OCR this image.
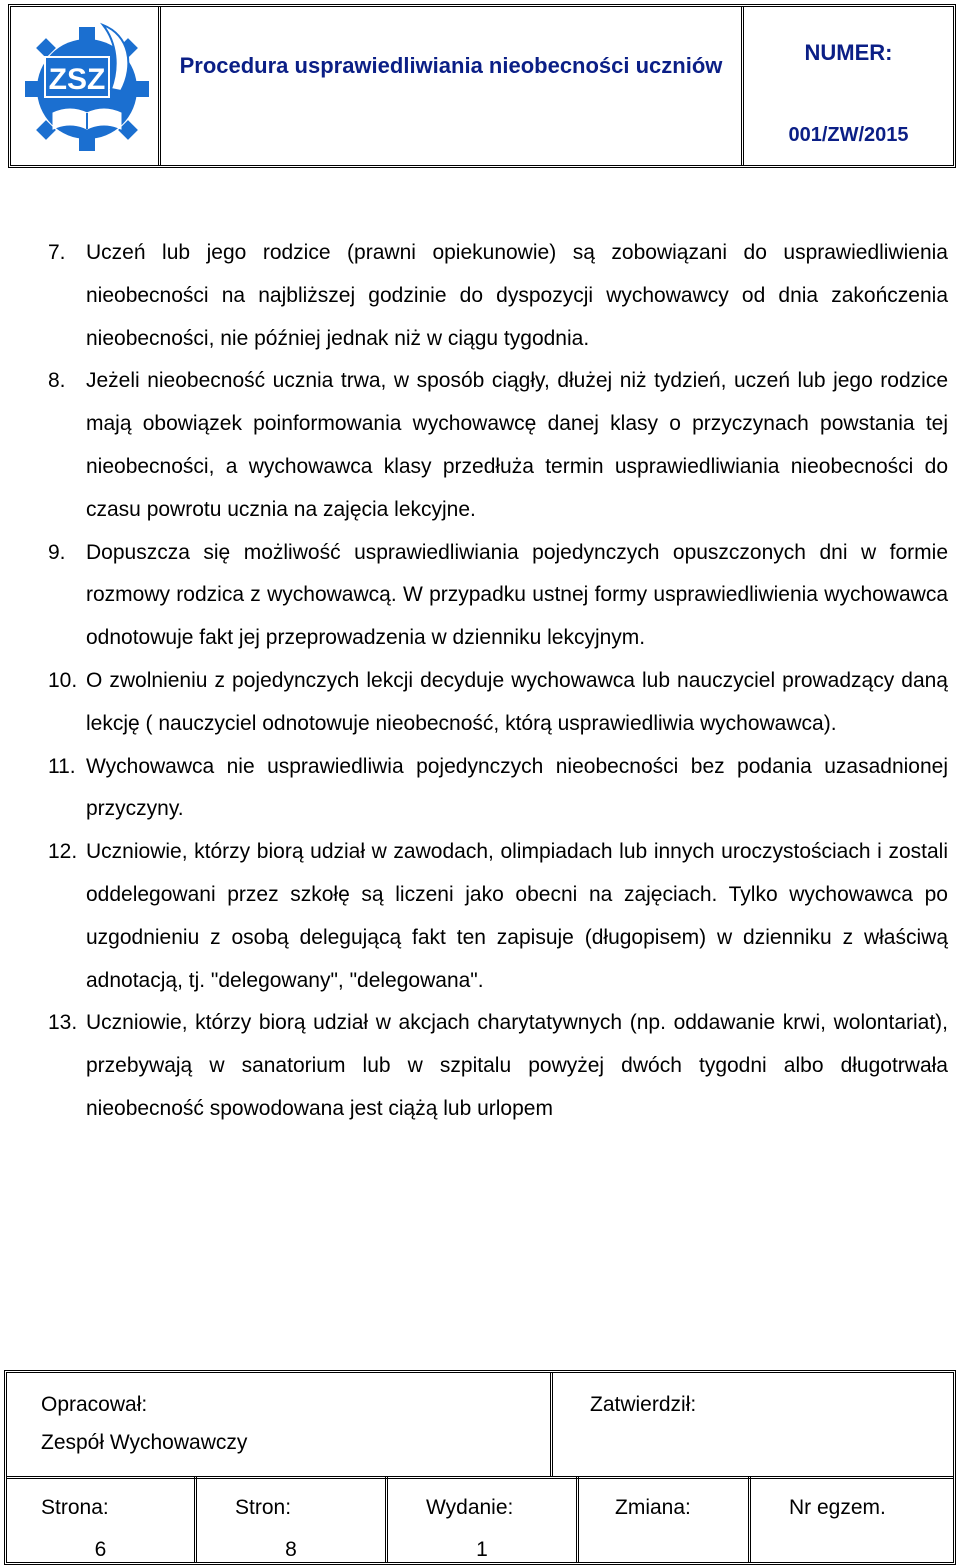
ZSZ	Procedura usprawiedliwiania nieobecności uczniów
NUMER:
001/ZW/2015
7. Uczeń lub jego rodzice (prawni opiekunowie) są zobowiązani do usprawiedliwienia nieobecności na najbliższej godzinie do dyspozycji wychowawcy od dnia zakończenia nieobecności, nie później jednak niż w ciągu tygodnia.
8. Jeżeli nieobecność ucznia trwa, w sposób ciągły, dłużej niż tydzień, uczeń lub jego rodzice mają obowiązek poinformowania wychowawcę danej klasy o przyczynach powstania tej nieobecności, a wychowawca klasy przedłuża termin usprawiedliwiania nieobecności do czasu powrotu ucznia na zajęcia lekcyjne.
9. Dopuszcza się możliwość usprawiedliwiania pojedynczych opuszczonych dni w formie rozmowy rodzica z wychowawcą. W przypadku ustnej formy usprawiedliwienia wychowawca odnotowuje fakt jej przeprowadzenia w dzienniku lekcyjnym.
10. O zwolnieniu z pojedynczych lekcji decyduje wychowawca lub nauczyciel prowadzący daną lekcję ( nauczyciel odnotowuje nieobecność, którą usprawiedliwia wychowawca).
11. Wychowawca nie usprawiedliwia pojedynczych nieobecności bez podania uzasadnionej przyczyny.
12. Uczniowie, którzy biorą udział w zawodach, olimpiadach lub innych uroczystościach i zostali oddelegowani przez szkołę są liczeni jako obecni na zajęciach. Tylko wychowawca po uzgodnieniu z osobą delegującą fakt ten zapisuje (długopisem) w dzienniku z właściwą adnotacją, tj. "delegowany", "delegowana".
13. Uczniowie, którzy biorą udział w akcjach charytatywnych (np. oddawanie krwi, wolontariat), przebywają w sanatorium lub w szpitalu powyżej dwóch tygodni albo długotrwała nieobecność spowodowana jest ciążą lub urlopem
Opracował:
Zespół Wychowawczy
Zatwierdził:
Strona:
6
Stron:
8
Wydanie:
1
Zmiana:	Nr egzem.
